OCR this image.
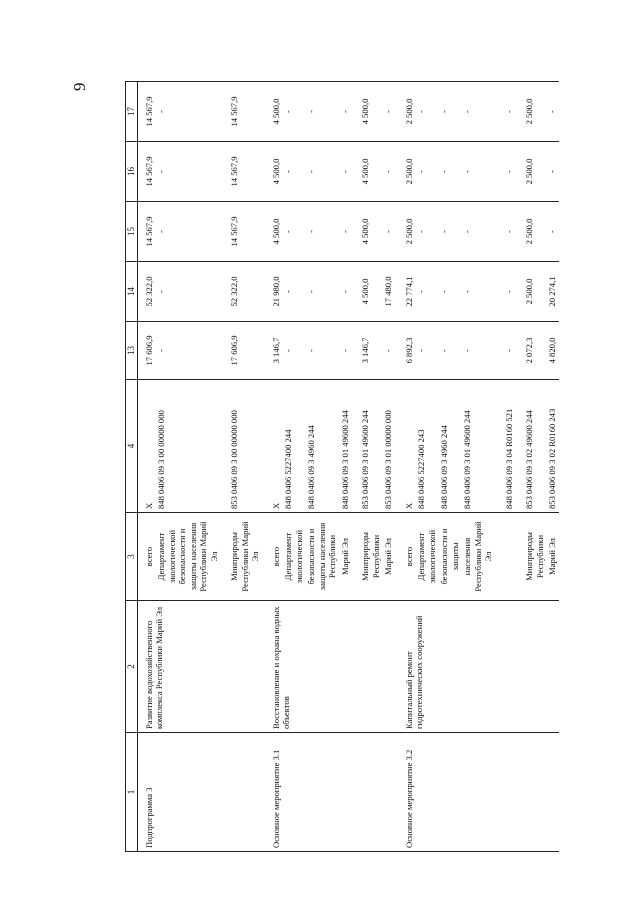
9
1	2	3	4	13	14	15	16	17
Подпрограмма 3	Развитие водохозяйственного комплекса Республики Марий Эл	всего	X	17 606,9	52 322,0	14 567,9	14 567,9	14 567,9
		Департамент экологической безопасности и защиты населения Республики Марий Эл	848 0406 09 3 00 00000 000	-	-	-	-	-
		Минприроды Республики Марий Эл	853 0406 09 3 00 00000 000	17 606,9	52 322,0	14 567,9	14 567,9	14 567,9
Основное мероприятие 3.1	Восстановление и охрана водных объектов	всего	X	3 146,7	21 980,0	4 500,0	4 500,0	4 500,0
		Департамент экологической	848 0406 5227400 244	-	-	-	-	-
		безопасности и защиты населения Республики	848 0406 09 3 4960 244	-	-	-	-	-
		Марий Эл	848 0406 09 3 01 49600 244	-	-	-	-	-
		Минприроды Республики	853 0406 09 3 01 49600 244	3 146,7	4 500,0	4 500,0	4 500,0	4 500,0
		Марий Эл	853 0406 09 3 01 00000 000	-	17 480,0	-	-	-
Основное мероприятие 3.2	Капитальный ремонт гидротехнических сооружений	всего	X	6 892,3	22 774,1	2 500,0	2 500,0	2 500,0
		Департамент экологической	848 0406 5227400 243	-	-	-	-	-
		безопасности и защиты	848 0406 09 3 4960 244	-	-	-	-	-
		населения Республики Марий Эл	848 0406 09 3 01 49600 244	-	-	-	-	-
			848 0406 09 3 04 R0160 521	-	-	-	-	-
		Минприроды Республики	853 0406 09 3 02 49600 244	2 072,3	2 500,0	2 500,0	2 500,0	2 500,0
		Марий Эл	853 0406 09 3 02 R0160 243	4 820,0	20 274,1	-	-	-
